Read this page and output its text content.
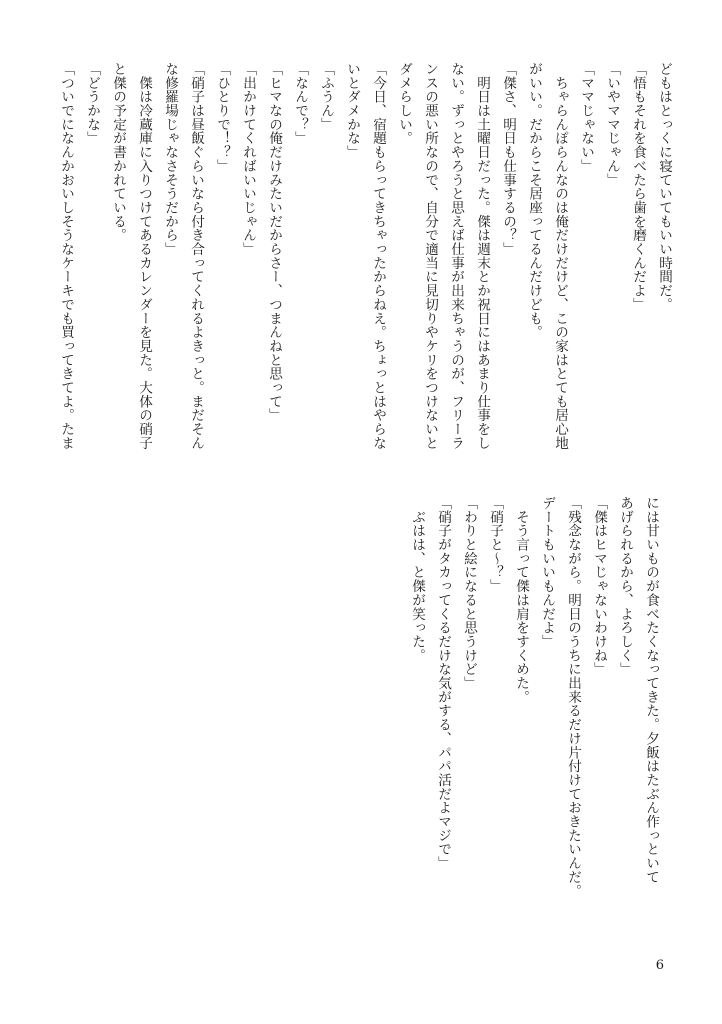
どもはとっくに寝ていてもいい時間だ。
「悟もそれを食べたら歯を磨くんだよ」
「いやママじゃん」
「ママじゃない」
　ちゃらんぽらんなのは俺だけだけど、この家はとても居心地
がいい。だからこそ居座ってるんだけども。
「傑さ、明日も仕事するの？」
　明日は土曜日だった。傑は週末とか祝日にはあまり仕事をし
ない。ずっとやろうと思えば仕事が出来ちゃうのが、フリーラ
ンスの悪い所なので、自分で適当に見切りやケリをつけないと
ダメらしい。
「今日、宿題もらってきちゃったからねえ。ちょっとはやらな
いとダメかな」
「ふうん」
「なんで？」
「ヒマなの俺だけみたいだからさー、つまんねと思って」
「出かけてくればいいじゃん」
「ひとりで！？」
「硝子は昼飯ぐらいなら付き合ってくれるよきっと。まだそん
な修羅場じゃなさそうだから」
　傑は冷蔵庫に入りつけてあるカレンダーを見た。大体の硝子
と傑の予定が書かれている。
「どうかな」
「ついでになんかおいしそうなケーキでも買ってきてよ。たま
には甘いものが食べたくなってきた。夕飯はたぶん作っといて
あげられるから、よろしく」
「傑はヒマじゃないわけね」
「残念ながら。明日のうちに出来るだけ片付けておきたいんだ。
デートもいいもんだよ」
　そう言って傑は肩をすくめた。
「硝子と〜？」
「わりと絵になると思うけど」
「硝子がタカってくるだけな気がする、パパ活だよマジで」
　ぶはは、と傑が笑った。
6
